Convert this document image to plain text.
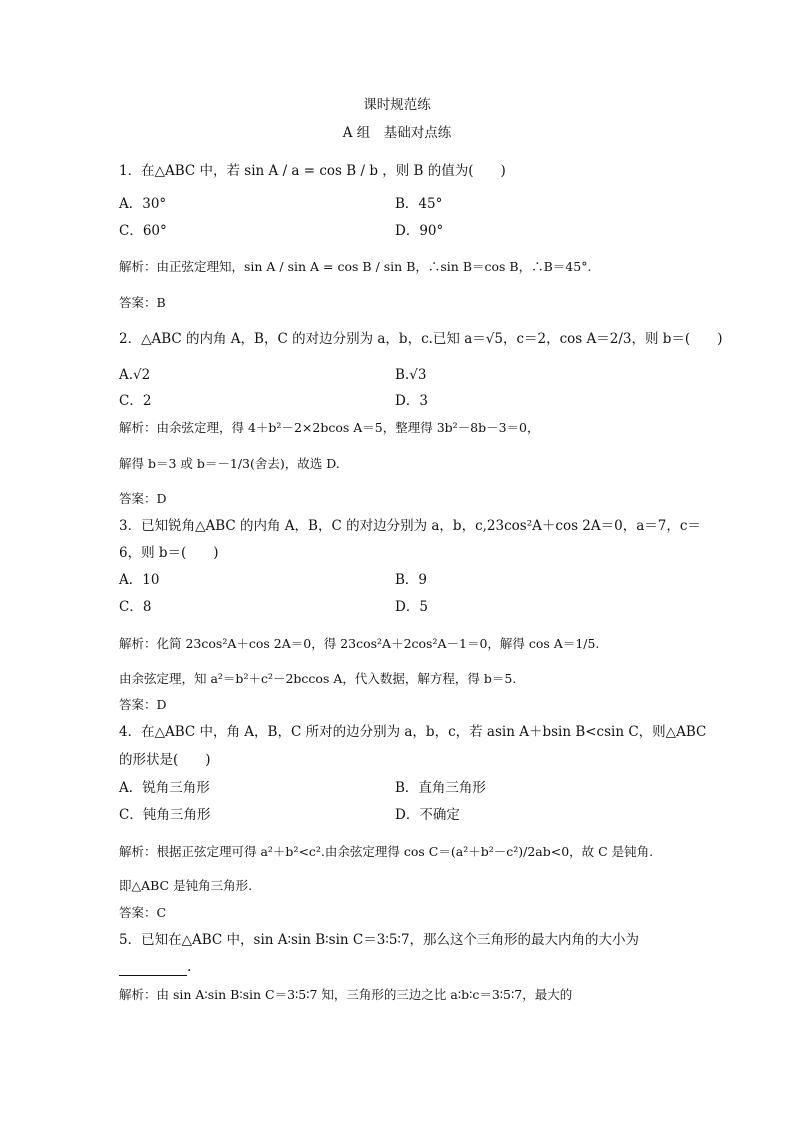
课时规范练
A 组　基础对点练
1．在△ABC 中，若 sin A / a = cos B / b ，则 B 的值为(　　)
A．30°	B．45°
C．60°	D．90°
解析：由正弦定理知，sin A / sin A = cos B / sin B，∴sin B＝cos B，∴B＝45°.
答案：B
2．△ABC 的内角 A，B，C 的对边分别为 a，b，c.已知 a＝√5，c＝2，cos A＝2/3，则 b＝(　　)
A.√2	B.√3
C．2	D．3
解析：由余弦定理，得 4＋b²－2×2bcos A＝5，整理得 3b²－8b－3＝0，
解得 b＝3 或 b＝－1/3(舍去)，故选 D.
答案：D
3．已知锐角△ABC 的内角 A，B，C 的对边分别为 a，b，c,23cos²A＋cos 2A＝0，a＝7，c＝
6，则 b＝(　　)
A．10	B．9
C．8	D．5
解析：化简 23cos²A＋cos 2A＝0，得 23cos²A＋2cos²A－1＝0，解得 cos A＝1/5.
由余弦定理，知 a²＝b²＋c²－2bccos A，代入数据，解方程，得 b＝5.
答案：D
4．在△ABC 中，角 A，B，C 所对的边分别为 a，b，c，若 asin A＋bsin B<csin C，则△ABC
的形状是(　　)
A．锐角三角形	B．直角三角形
C．钝角三角形	D．不确定
解析：根据正弦定理可得 a²＋b²<c².由余弦定理得 cos C＝(a²＋b²－c²)/2ab<0，故 C 是钝角.
即△ABC 是钝角三角形.
答案：C
5．已知在△ABC 中，sin A∶sin B∶sin C＝3∶5∶7，那么这个三角形的最大内角的大小为
.
解析：由 sin A∶sin B∶sin C＝3∶5∶7 知，三角形的三边之比 a∶b∶c＝3∶5∶7，最大的
